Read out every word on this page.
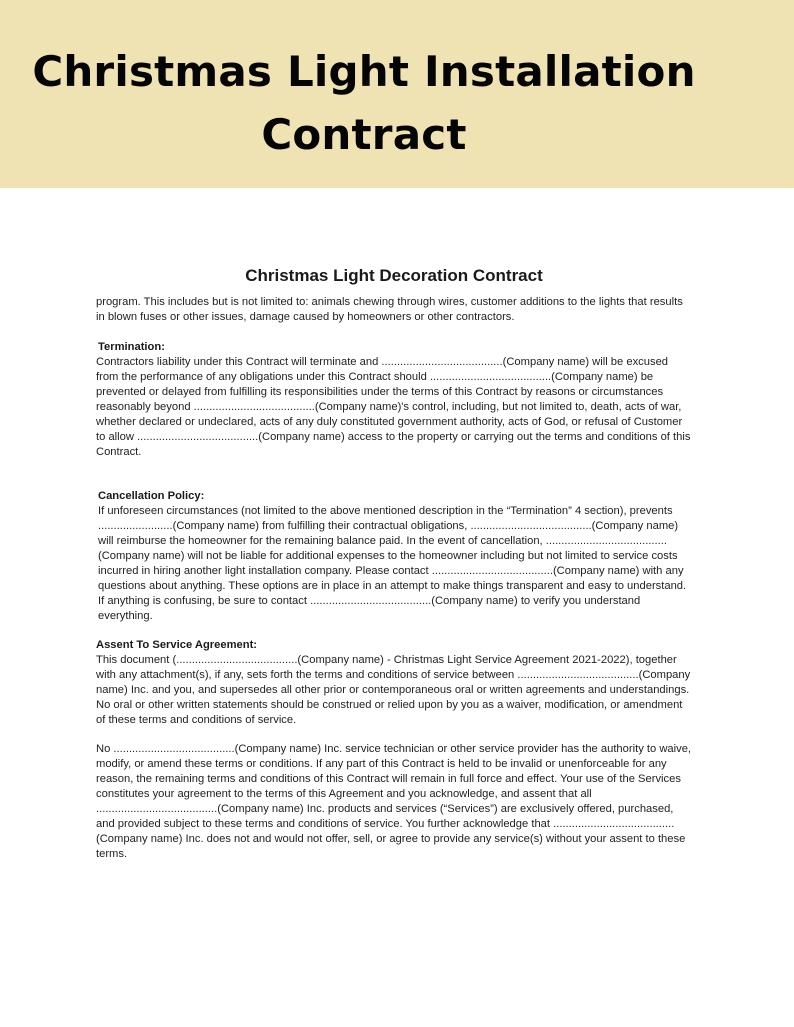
Christmas Light Installation
Contract
Christmas Light Decoration Contract

program. This includes but is not limited to: animals chewing through wires, customer additions to the lights that results in blown fuses or other issues, damage caused by homeowners or other contractors.

Termination:

Contractors liability under this Contract will terminate and .......................................(Company name) will be excused from the performance of any obligations under this Contract should .......................................(Company name) be prevented or delayed from fulfilling its responsibilities under the terms of this Contract by reasons or circumstances reasonably beyond .......................................(Company name)'s control, including, but not limited to, death, acts of war, whether declared or undeclared, acts of any duly constituted government authority, acts of God, or refusal of Customer to allow .......................................(Company name) access to the property or carrying out the terms and conditions of this Contract.

Cancellation Policy:

If unforeseen circumstances (not limited to the above mentioned description in the “Termination” 4 section), prevents ........................(Company name) from fulfilling their contractual obligations, .......................................(Company name) will reimburse the homeowner for the remaining balance paid. In the event of cancellation, .......................................(Company name) will not be liable for additional expenses to the homeowner including but not limited to service costs incurred in hiring another light installation company. Please contact .......................................(Company name) with any questions about anything. These options are in place in an attempt to make things transparent and easy to understand. If anything is confusing, be sure to contact .......................................(Company name) to verify you understand everything.

Assent To Service Agreement:

This document (.......................................(Company name) - Christmas Light Service Agreement 2021-2022), together with any attachment(s), if any, sets forth the terms and conditions of service between .......................................(Company name) Inc. and you, and supersedes all other prior or contemporaneous oral or written agreements and understandings. No oral or other written statements should be construed or relied upon by you as a waiver, modification, or amendment of these terms and conditions of service.

No .......................................(Company name) Inc. service technician or other service provider has the authority to waive, modify, or amend these terms or conditions. If any part of this Contract is held to be invalid or unenforceable for any reason, the remaining terms and conditions of this Contract will remain in full force and effect. Your use of the Services constitutes your agreement to the terms of this Agreement and you acknowledge, and assent that all .......................................(Company name) Inc. products and services (“Services”) are exclusively offered, purchased, and provided subject to these terms and conditions of service. You further acknowledge that .......................................(Company name) Inc. does not and would not offer, sell, or agree to provide any service(s) without your assent to these terms.
